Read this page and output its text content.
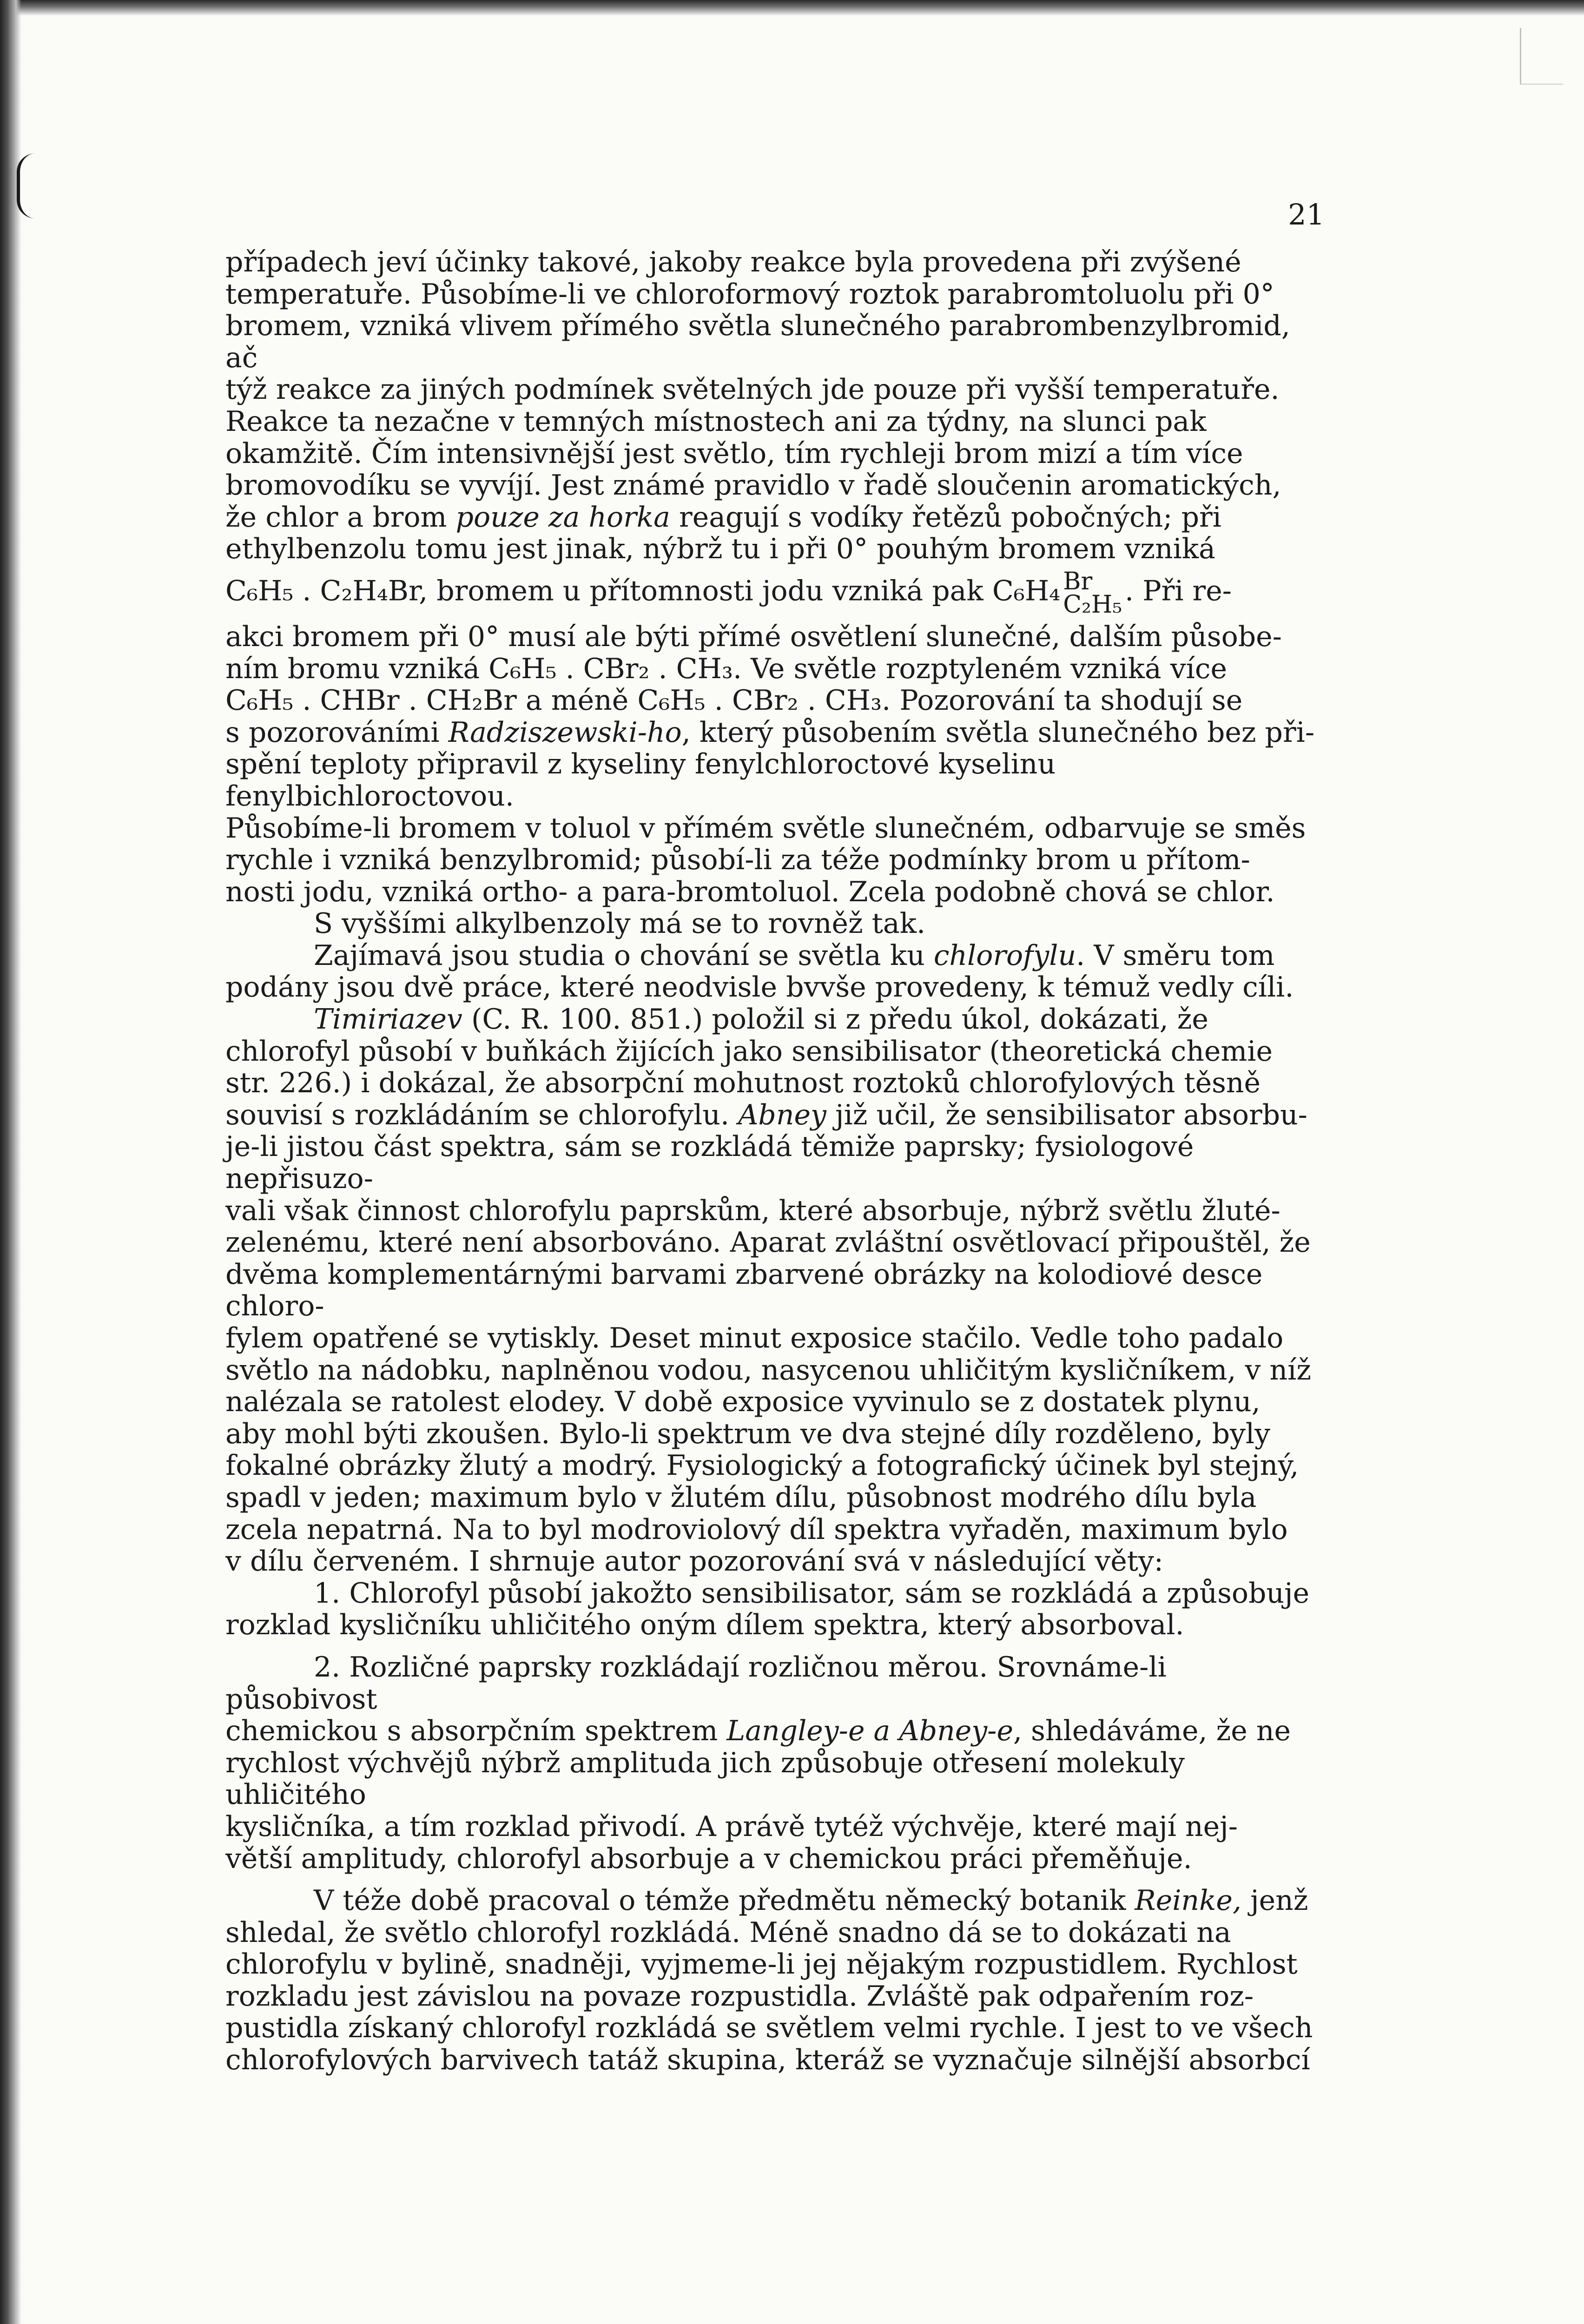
21
případech jeví účinky takové, jakoby reakce byla provedena při zvýšené
temperatuře. Působíme-li ve chloroformový roztok parabromtoluolu při 0°
bromem, vzniká vlivem přímého světla slunečného parabrombenzylbromid, ač
týž reakce za jiných podmínek světelných jde pouze při vyšší temperatuře.
Reakce ta nezačne v temných místnostech ani za týdny, na slunci pak
okamžitě. Čím intensivnější jest světlo, tím rychleji brom mizí a tím více
bromovodíku se vyvíjí. Jest známé pravidlo v řadě sloučenin aromatických,
že chlor a brom pouze za horka reagují s vodíky řetězů pobočných; při
ethylbenzolu tomu jest jinak, nýbrž tu i při 0° pouhým bromem vzniká
C₆H₅ . C₂H₄Br, bromem u přítomnosti jodu vzniká pak C₆H₄ Br
C₂H₅ . Při re-
akci bromem při 0° musí ale býti přímé osvětlení slunečné, dalším působe-
ním bromu vzniká C₆H₅ . CBr₂ . CH₃. Ve světle rozptyleném vzniká více
C₆H₅ . CHBr . CH₂Br a méně C₆H₅ . CBr₂ . CH₃. Pozorování ta shodují se
s pozorováními Radziszewski-ho, který působením světla slunečného bez při-
spění teploty připravil z kyseliny fenylchloroctové kyselinu fenylbichloroctovou.
Působíme-li bromem v toluol v přímém světle slunečném, odbarvuje se směs
rychle i vzniká benzylbromid; působí-li za téže podmínky brom u přítom-
nosti jodu, vzniká ortho- a para-bromtoluol. Zcela podobně chová se chlor.
S vyššími alkylbenzoly má se to rovněž tak.
Zajímavá jsou studia o chování se světla ku chlorofylu. V směru tom
podány jsou dvě práce, které neodvisle bvvše provedeny, k témuž vedly cíli.
Timiriazev (C. R. 100. 851.) položil si z předu úkol, dokázati, že
chlorofyl působí v buňkách žijících jako sensibilisator (theoretická chemie
str. 226.) i dokázal, že absorpční mohutnost roztoků chlorofylových těsně
souvisí s rozkládáním se chlorofylu. Abney již učil, že sensibilisator absorbu-
je-li jistou část spektra, sám se rozkládá těmiže paprsky; fysiologové nepřisuzo-
vali však činnost chlorofylu paprskům, které absorbuje, nýbrž světlu žluté-
zelenému, které není absorbováno. Aparat zvláštní osvětlovací připouštěl, že
dvěma komplementárnými barvami zbarvené obrázky na kolodiové desce chloro-
fylem opatřené se vytiskly. Deset minut exposice stačilo. Vedle toho padalo
světlo na nádobku, naplněnou vodou, nasycenou uhličitým kysličníkem, v níž
nalézala se ratolest elodey. V době exposice vyvinulo se z dostatek plynu,
aby mohl býti zkoušen. Bylo-li spektrum ve dva stejné díly rozděleno, byly
fokalné obrázky žlutý a modrý. Fysiologický a fotografický účinek byl stejný,
spadl v jeden; maximum bylo v žlutém dílu, působnost modrého dílu byla
zcela nepatrná. Na to byl modroviolový díl spektra vyřaděn, maximum bylo
v dílu červeném. I shrnuje autor pozorování svá v následující věty:
1. Chlorofyl působí jakožto sensibilisator, sám se rozkládá a způsobuje
rozklad kysličníku uhličitého oným dílem spektra, který absorboval.
2. Rozličné paprsky rozkládají rozličnou měrou. Srovnáme-li působivost
chemickou s absorpčním spektrem Langley-e a Abney-e, shledáváme, že ne
rychlost výchvějů nýbrž amplituda jich způsobuje otřesení molekuly uhličitého
kysličníka, a tím rozklad přivodí. A právě tytéž výchvěje, které mají nej-
větší amplitudy, chlorofyl absorbuje a v chemickou práci přeměňuje.
V téže době pracoval o témže předmětu německý botanik Reinke, jenž
shledal, že světlo chlorofyl rozkládá. Méně snadno dá se to dokázati na
chlorofylu v bylině, snadněji, vyjmeme-li jej nějakým rozpustidlem. Rychlost
rozkladu jest závislou na povaze rozpustidla. Zvláště pak odpařením roz-
pustidla získaný chlorofyl rozkládá se světlem velmi rychle. I jest to ve všech
chlorofylových barvivech tatáž skupina, kteráž se vyznačuje silnější absorbcí
